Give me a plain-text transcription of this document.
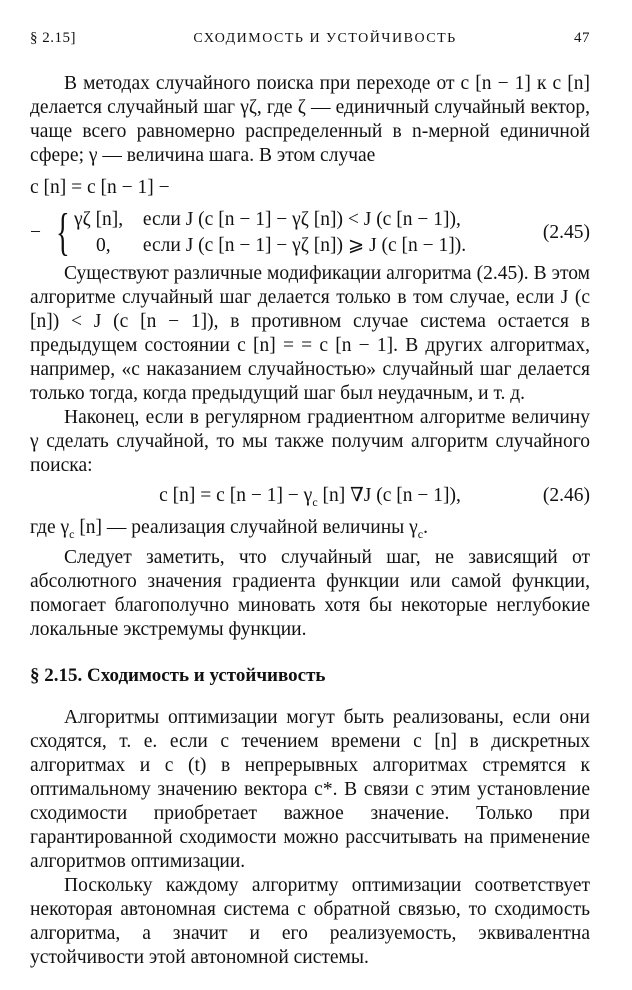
§ 2.15]	СХОДИМОСТЬ И УСТОЙЧИВОСТЬ	47

В методах случайного поиска при переходе от c [n − 1] к c [n] делается случайный шаг γζ, где ζ — единичный случайный вектор, чаще всего равномерно распределенный в n-мерной единичной сфере; γ — величина шага. В этом случае

c [n] = c [n − 1] −
− { γζ [n], если J (c [n − 1] − γζ [n]) < J (c [n − 1]),
0, если J (c [n − 1] − γζ [n]) ⩾ J (c [n − 1]).
(2.45)

Существуют различные модификации алгоритма (2.45). В этом алгоритме случайный шаг делается только в том случае, если J (c [n]) < J (c [n − 1]), в противном случае система остается в предыдущем состоянии c [n] = = c [n − 1]. В других алгоритмах, например, «с наказанием случайностью» случайный шаг делается только тогда, когда предыдущий шаг был неудачным, и т. д.

Наконец, если в регулярном градиентном алгоритме величину γ сделать случайной, то мы также получим алгоритм случайного поиска:

c [n] = c $[n - 1] - \gamma_c$ [n] ∇J (c [n − 1]),	(2.46)

где $\gamma_c$ [n] — реализация случайной величины $\gamma_c$.

Следует заметить, что случайный шаг, не зависящий от абсолютного значения градиента функции или самой функции, помогает благополучно миновать хотя бы некоторые неглубокие локальные экстремумы функции.

§ 2.15. Сходимость и устойчивость

Алгоритмы оптимизации могут быть реализованы, если они сходятся, т. е. если с течением времени c [n] в дискретных алгоритмах и c (t) в непрерывных алгоритмах стремятся к оптимальному значению вектора c*. В связи с этим установление сходимости приобретает важное значение. Только при гарантированной сходимости можно рассчитывать на применение алгоритмов оптимизации.

Поскольку каждому алгоритму оптимизации соответствует некоторая автономная система с обратной связью, то сходимость алгоритма, а значит и его реализуемость, эквивалентна устойчивости этой автономной системы.
